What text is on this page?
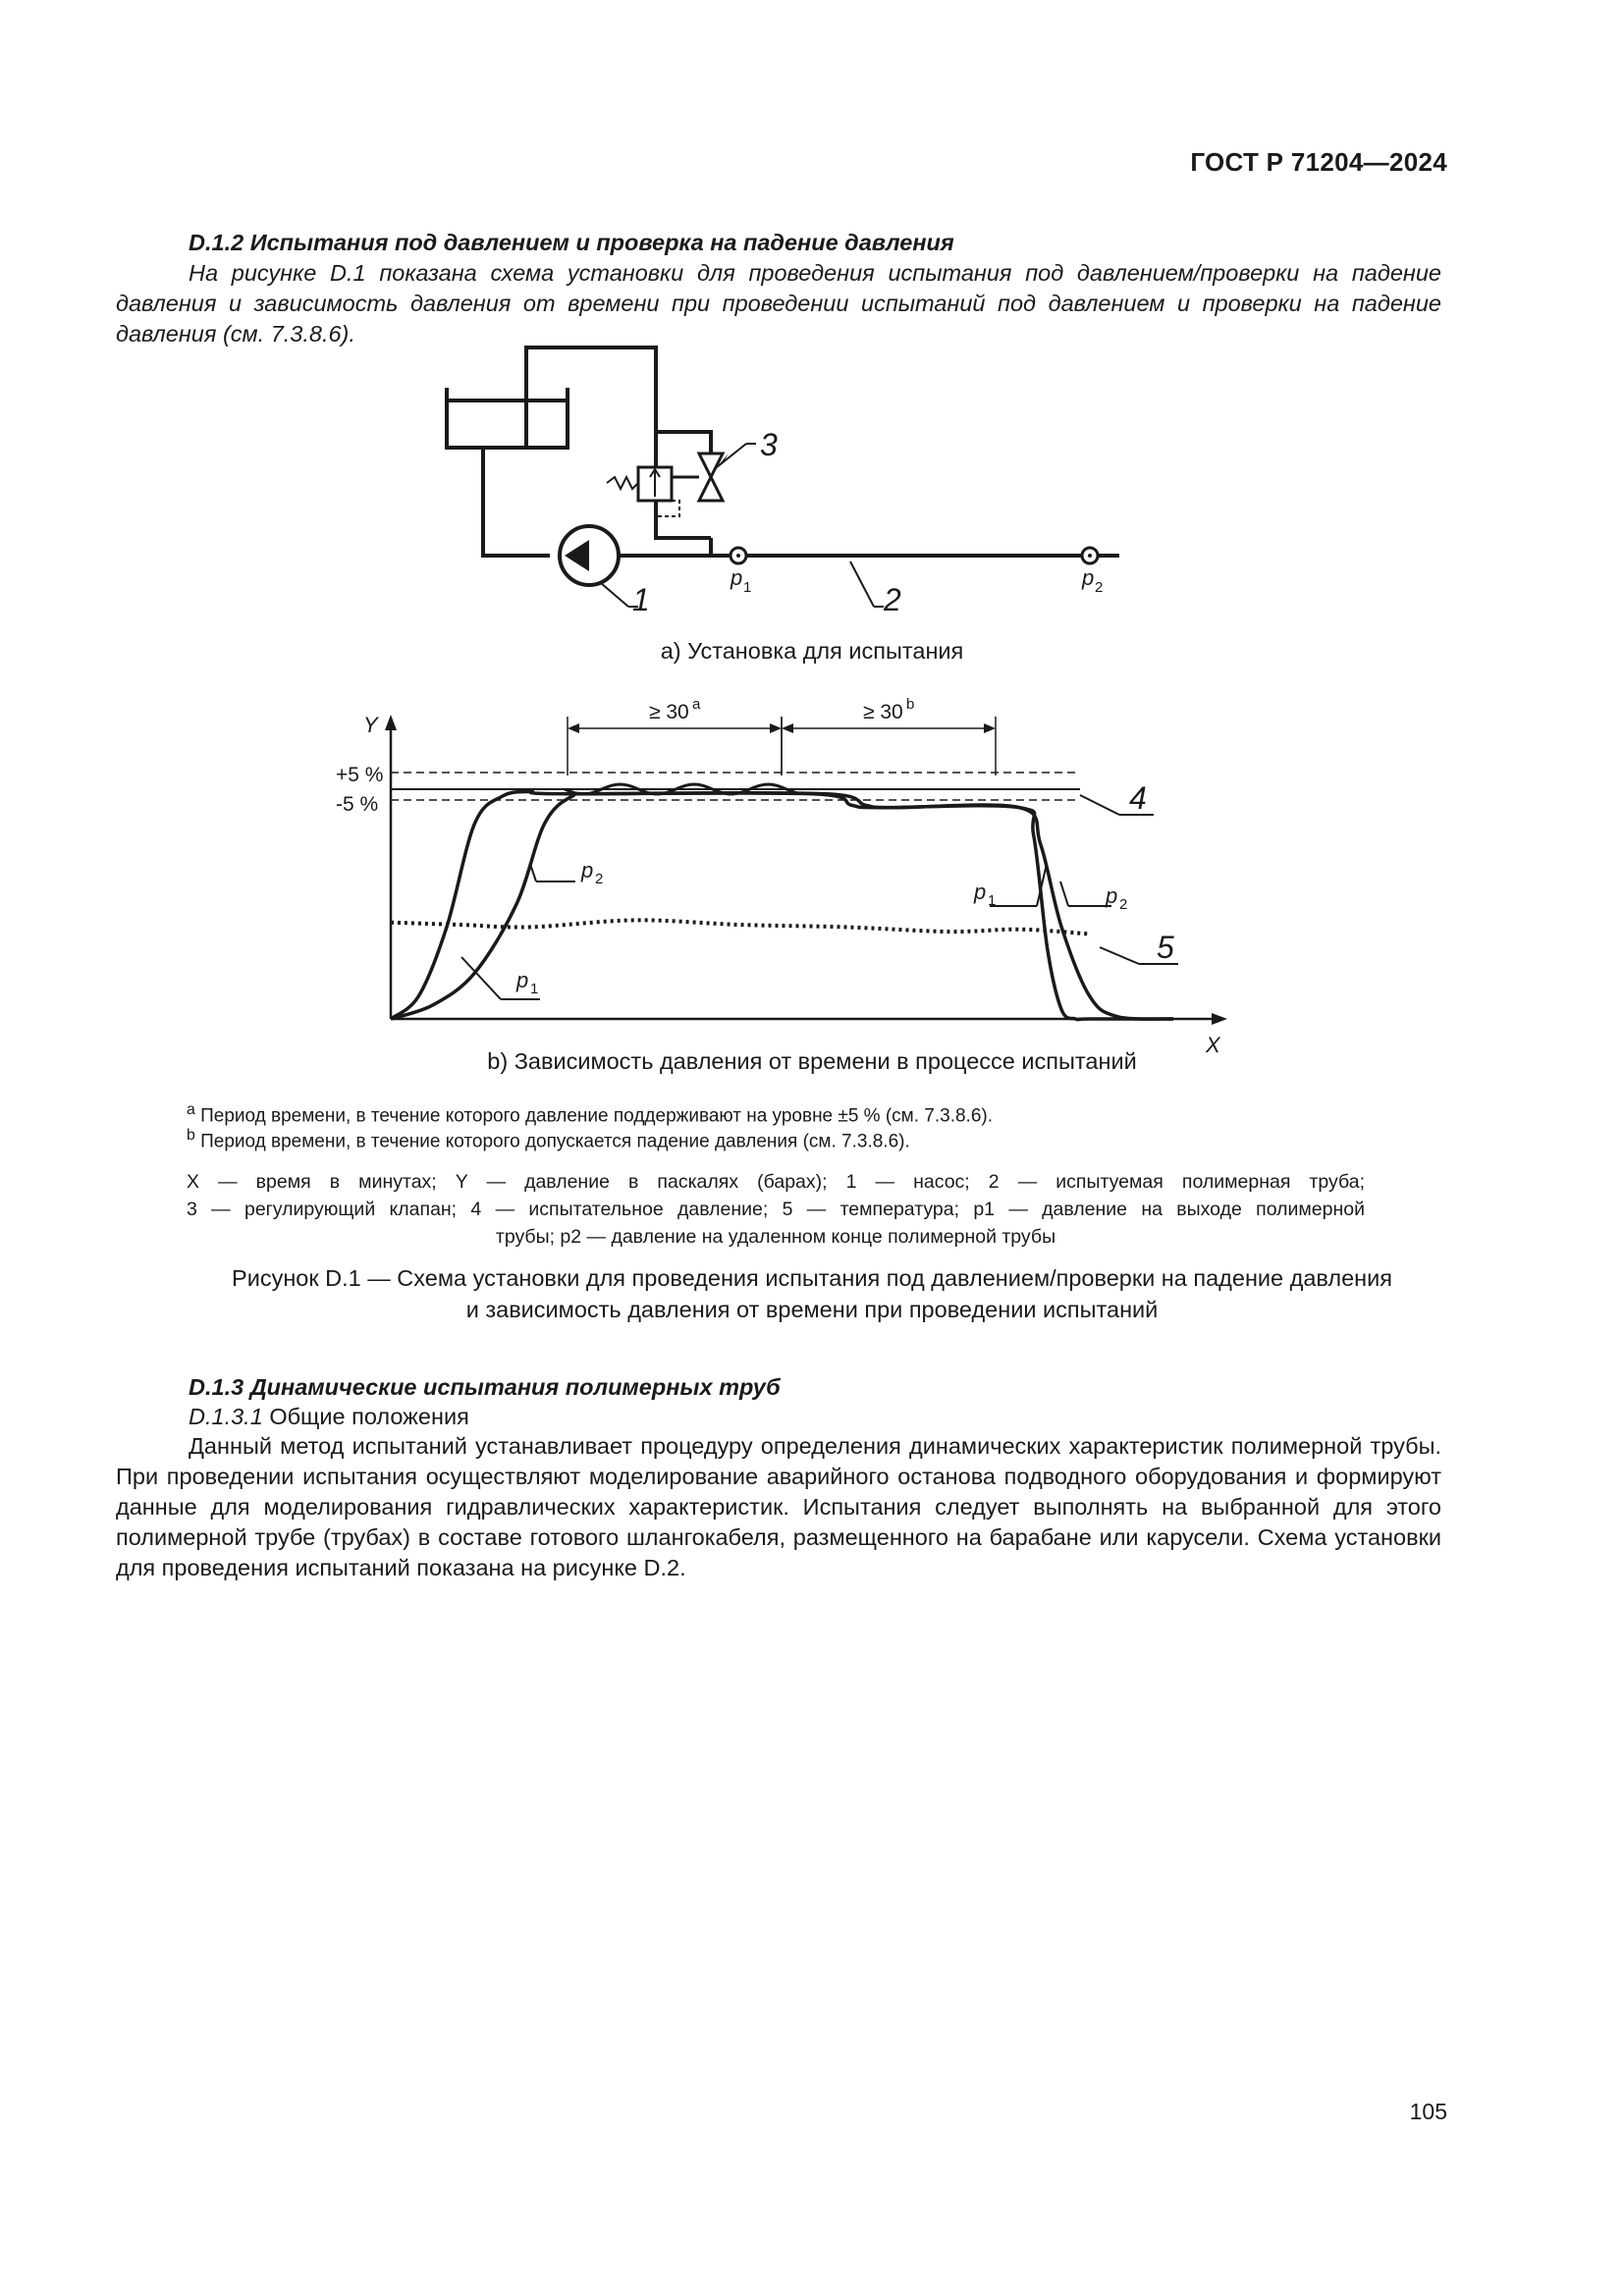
ГОСТ Р 71204—2024
D.1.2 Испытания под давлением и проверка на падение давления
На рисунке D.1 показана схема установки для проведения испытания под давлением/проверки на падение давления и зависимость давления от времени при проведении испытаний под давлением и проверки на падение давления (см. 7.3.8.6).
3
1	2
p 1	p 2
а) Установка для испытания
Y
X
+5 %
-5 %
≥ 30 a	≥ 30 b
4
5
p 2
p 1
p 1	p 2
b) Зависимость давления от времени в процессе испытаний
$^a$ Период времени, в течение которого давление поддерживают на уровне ±5 % (см. 7.3.8.6).
$^b$ Период времени, в течение которого допускается падение давления (см. 7.3.8.6).
X — время в минутах; Y — давление в паскалях (барах); 1 — насос; 2 — испытуемая полимерная труба;
3 — регулирующий клапан; 4 — испытательное давление; 5 — температура; p1 — давление на выходе полимерной
трубы; p2 — давление на удаленном конце полимерной трубы
Рисунок D.1 — Схема установки для проведения испытания под давлением/проверки на падение давления
и зависимость давления от времени при проведении испытаний
D.1.3 Динамические испытания полимерных труб
D.1.3.1 Общие положения
Данный метод испытаний устанавливает процедуру определения динамических характеристик полимерной трубы. При проведении испытания осуществляют моделирование аварийного останова подводного оборудования и формируют данные для моделирования гидравлических характеристик. Испытания следует выполнять на выбранной для этого полимерной трубе (трубах) в составе готового шлангокабеля, размещенного на барабане или карусели. Схема установки для проведения испытаний показана на рисунке D.2.
105
